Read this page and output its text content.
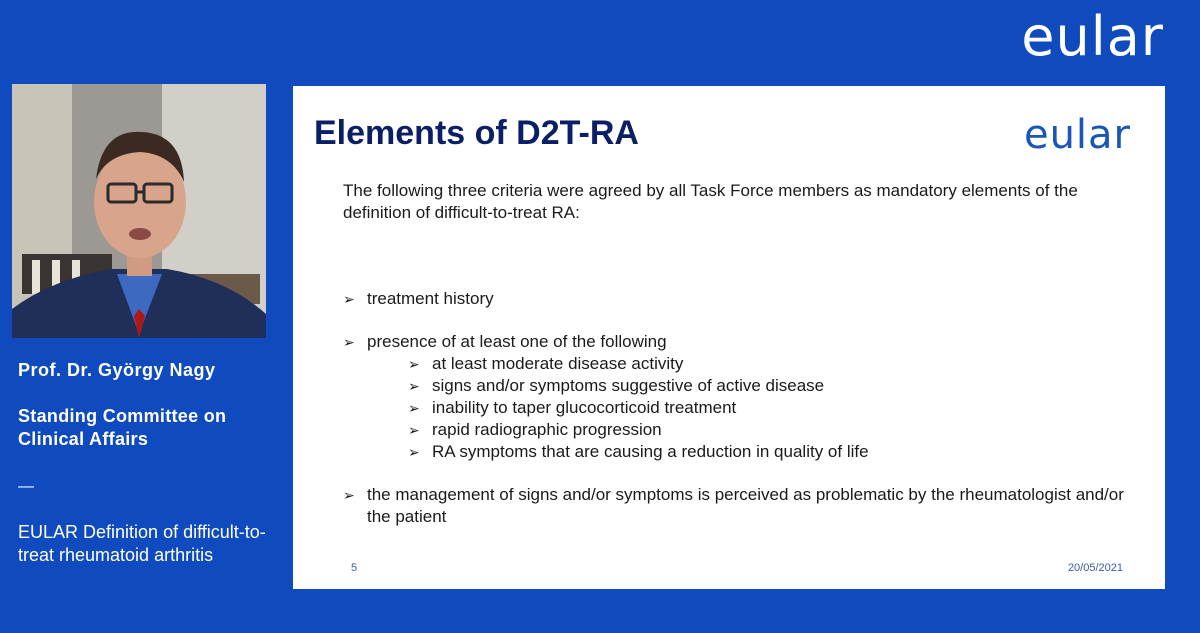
eular
Prof. Dr. György Nagy
Standing Committee on Clinical Affairs
—
EULAR Definition of difficult-to-treat rheumatoid arthritis
Elements of D2T-RA	eular
The following three criteria were agreed by all Task Force members as mandatory elements of the definition of difficult-to-treat RA:
➢ treatment history
➢ presence of at least one of the following
➢ at least moderate disease activity
➢ signs and/or symptoms suggestive of active disease
➢ inability to taper glucocorticoid treatment
➢ rapid radiographic progression
➢ RA symptoms that are causing a reduction in quality of life
➢ the management of signs and/or symptoms is perceived as problematic by the rheumatologist and/or the patient
5	20/05/2021
